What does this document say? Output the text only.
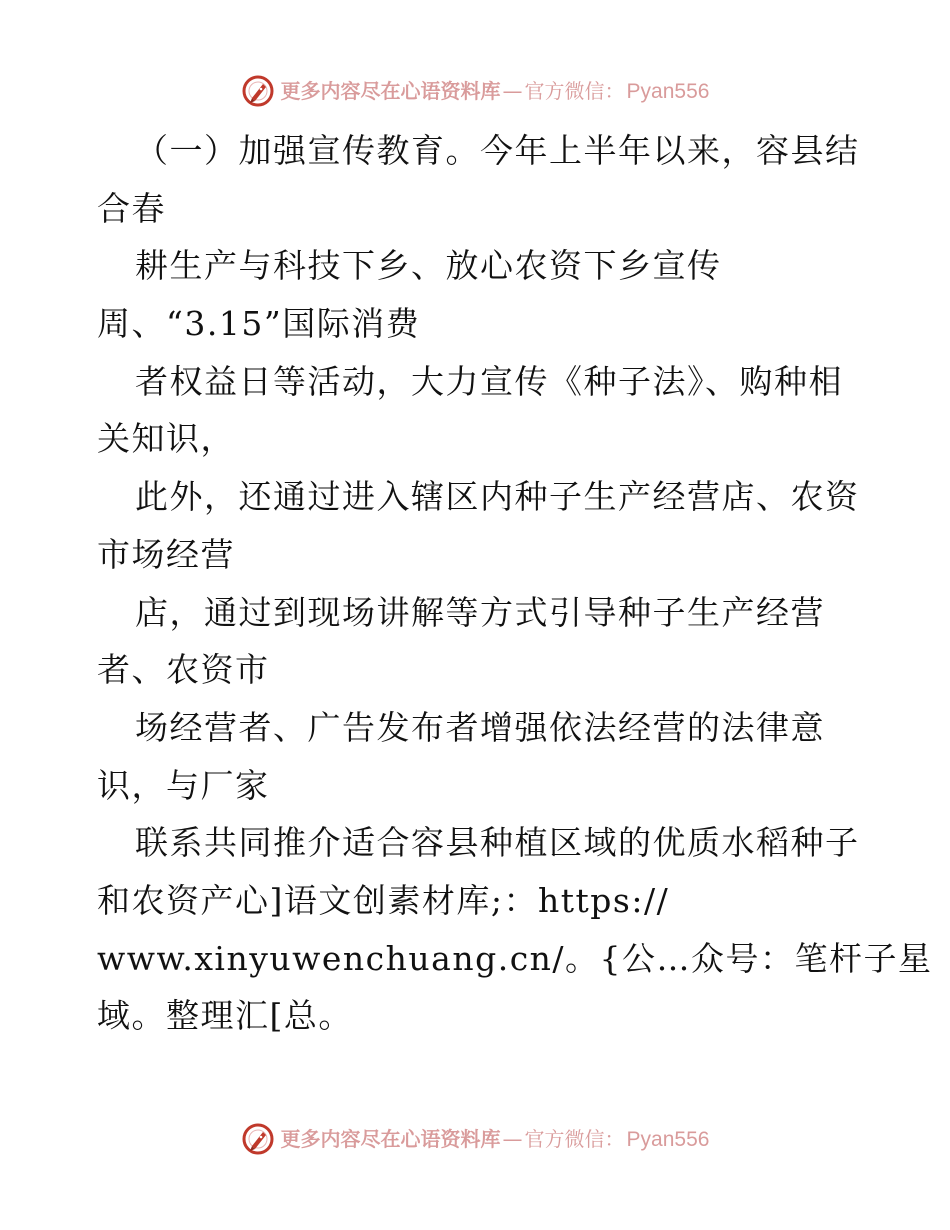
更多内容尽在心语资料库 — 官方微信： Pyan556
（一）加强宣传教育。今年上半年以来，容县结
合春
耕生产与科技下乡、放心农资下乡宣传
周、“3.15”国际消费
者权益日等活动，大力宣传《种子法》、购种相
关知识，
此外，还通过进入辖区内种子生产经营店、农资
市场经营
店，通过到现场讲解等方式引导种子生产经营
者、农资市
场经营者、广告发布者增强依法经营的法律意
识，与厂家
联系共同推介适合容县种植区域的优质水稻种子
和农资产心]语文创素材库;：https://
www.xinyuwenchuang.cn/。{公…众号：笔杆子星
域。整理汇[总。
更多内容尽在心语资料库 — 官方微信： Pyan556
